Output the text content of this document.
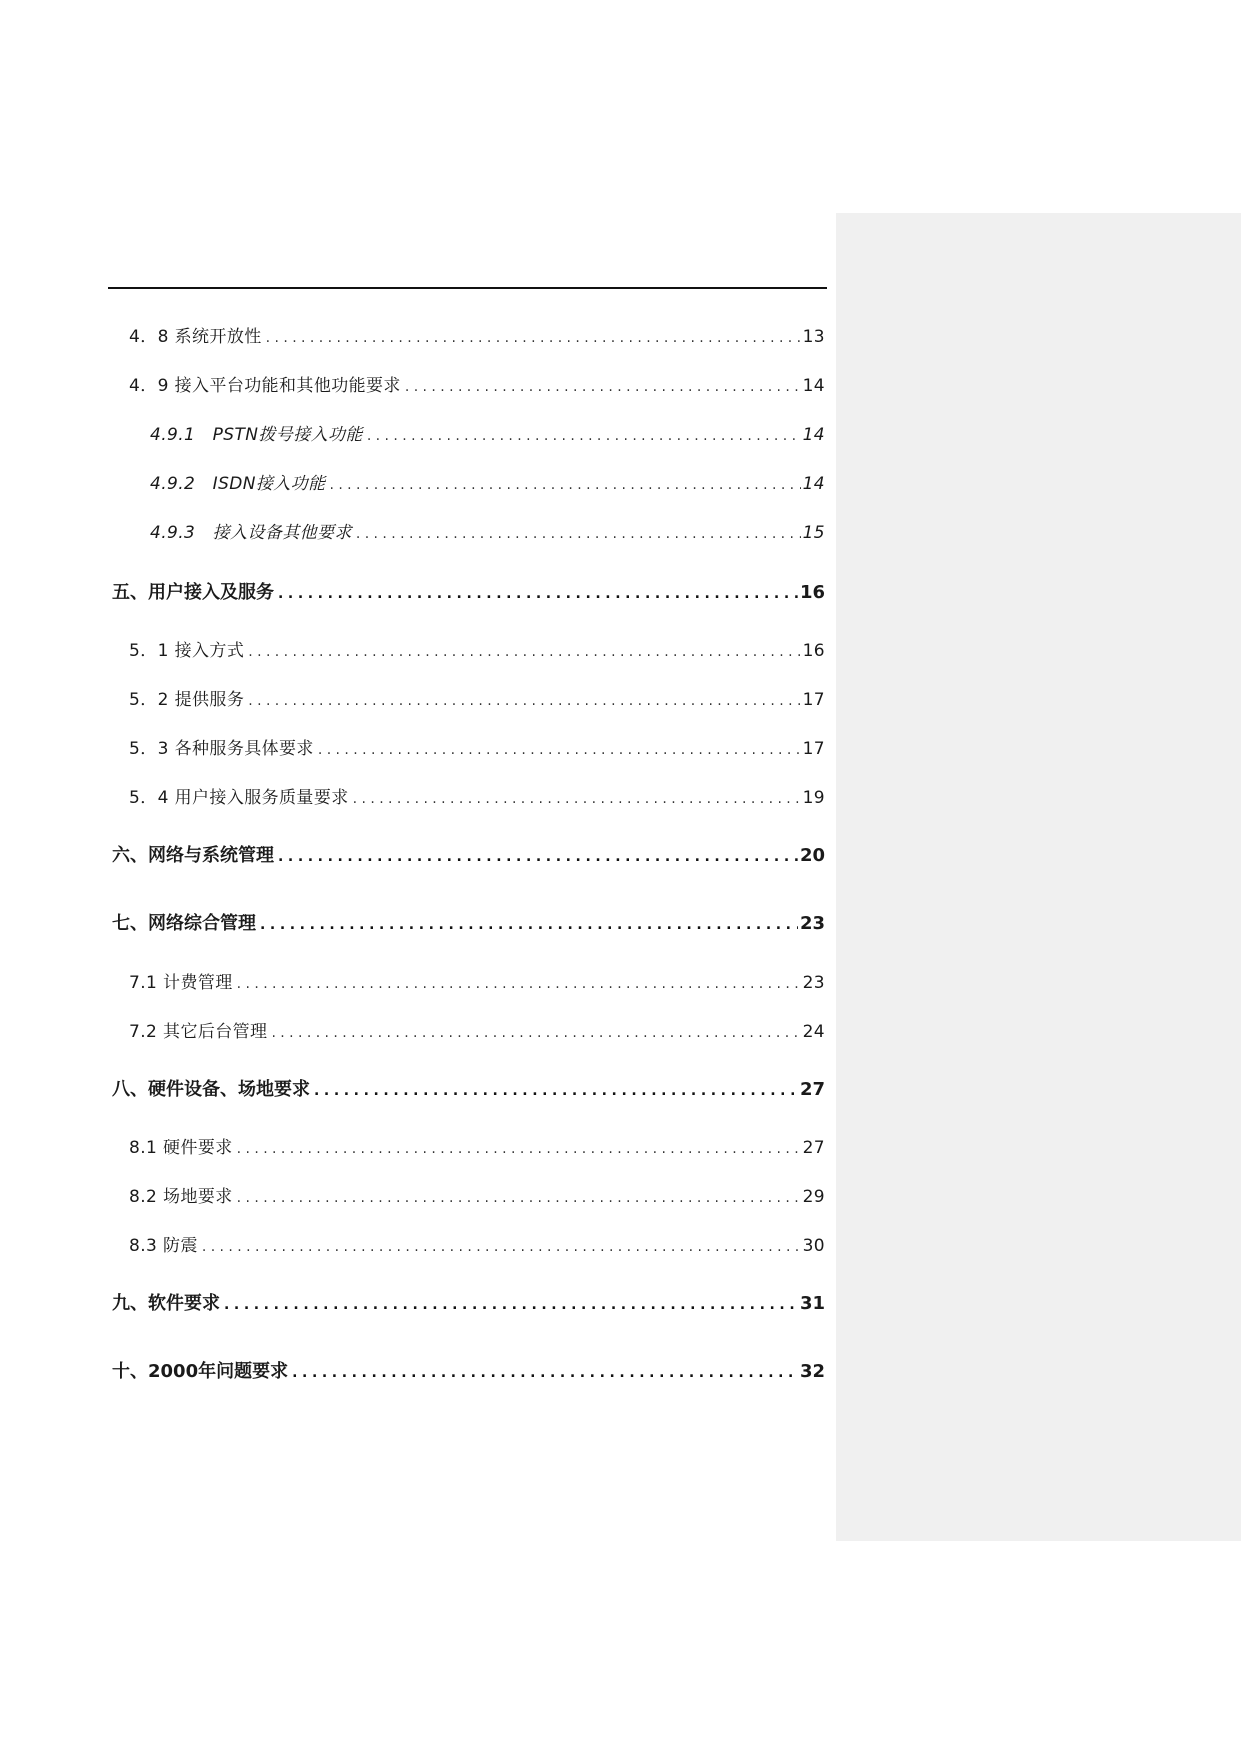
4．8 系统开放性 .....	13
4．9 接入平台功能和其他功能要求 .....	14
4.9.1　PSTN拨号接入功能 .....	14
4.9.2　ISDN接入功能 .....	14
4.9.3　接入设备其他要求 .....	15
五、用户接入及服务 .....	16
5．1 接入方式 .....	16
5．2 提供服务 .....	17
5．3 各种服务具体要求 .....	17
5．4 用户接入服务质量要求 .....	19
六、网络与系统管理 .....	20
七、网络综合管理 .....	23
7.1 计费管理 .....	23
7.2 其它后台管理 .....	24
八、硬件设备、场地要求 .....	27
8.1 硬件要求 .....	27
8.2 场地要求 .....	29
8.3 防震 .....	30
九、软件要求 .....	31
十、2000年问题要求 .....	32
